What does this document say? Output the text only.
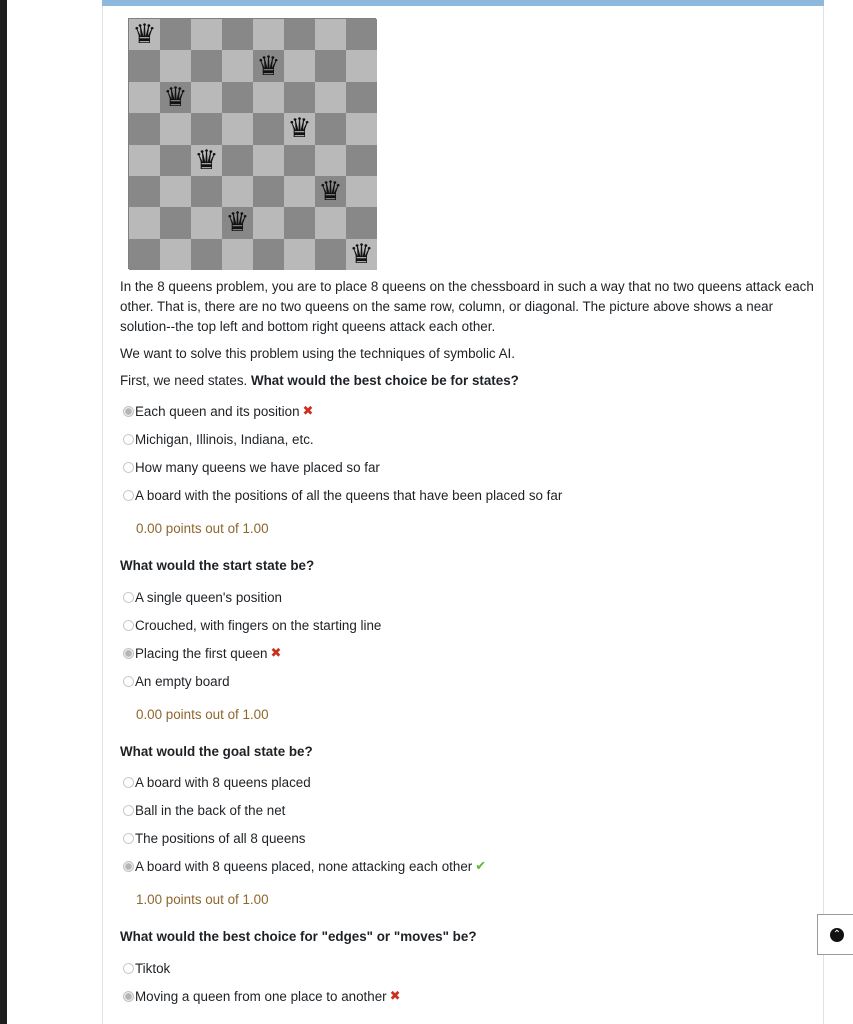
♛
♛
♛
♛
♛
♛
♛
♛
In the 8 queens problem, you are to place 8 queens on the chessboard in such a way that no two queens attack each other. That is, there are no two queens on the same row, column, or diagonal. The picture above shows a near solution--the top left and bottom right queens attack each other.
We want to solve this problem using the techniques of symbolic AI.
First, we need states. What would the best choice be for states?
Each queen and its position ✖
Michigan, Illinois, Indiana, etc.
How many queens we have placed so far
A board with the positions of all the queens that have been placed so far
0.00 points out of 1.00
What would the start state be?
A single queen's position
Crouched, with fingers on the starting line
Placing the first queen ✖
An empty board
0.00 points out of 1.00
What would the goal state be?
A board with 8 queens placed
Ball in the back of the net
The positions of all 8 queens
A board with 8 queens placed, none attacking each other ✔
1.00 points out of 1.00
What would the best choice for "edges" or "moves" be?
Tiktok
Moving a queen from one place to another ✖
⌃
